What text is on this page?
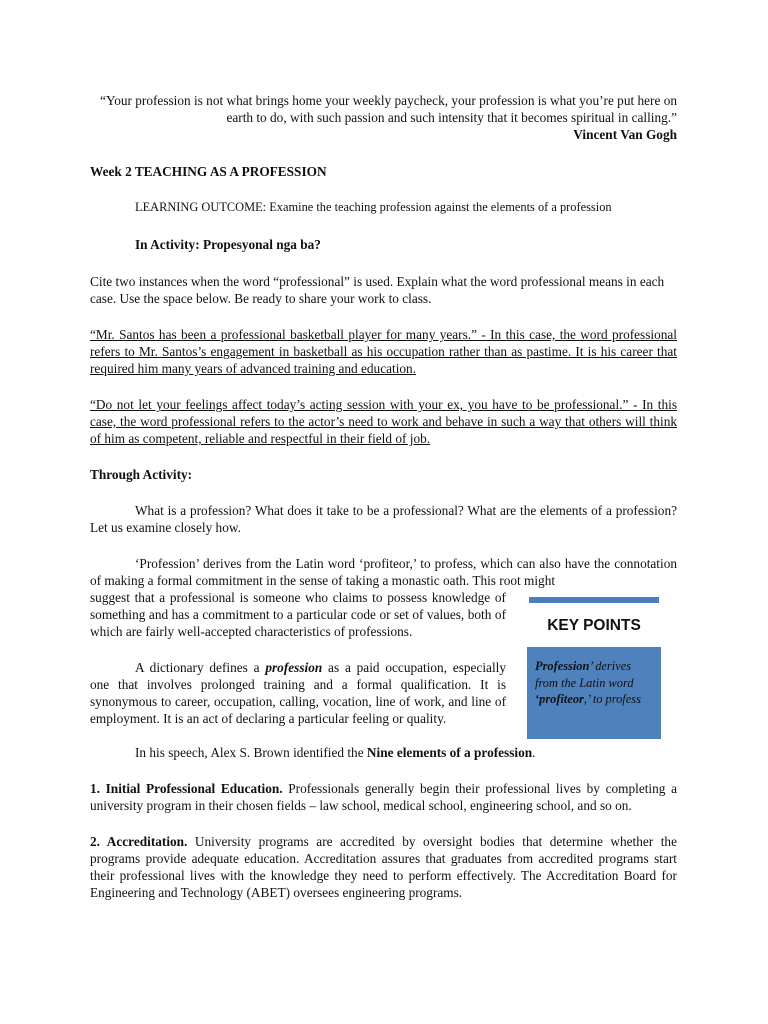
“Your profession is not what brings home your weekly paycheck, your profession is what you’re put here on earth to do, with such passion and such intensity that it becomes spiritual in calling.”

Vincent Van Gogh

Week 2 TEACHING AS A PROFESSION

LEARNING OUTCOME: Examine the teaching profession against the elements of a profession

In Activity: Propesyonal nga ba?

Cite two instances when the word “professional” is used. Explain what the word professional means in each case. Use the space below. Be ready to share your work to class.

“Mr. Santos has been a professional basketball player for many years.” - In this case, the word professional refers to Mr. Santos’s engagement in basketball as his occupation rather than as pastime. It is his career that required him many years of advanced training and education.

“Do not let your feelings affect today’s acting session with your ex, you have to be professional.” - In this case, the word professional refers to the actor’s need to work and behave in such a way that others will think of him as competent, reliable and respectful in their field of job.

Through Activity:

What is a profession? What does it take to be a professional? What are the elements of a profession? Let us examine closely how.

‘Profession’ derives from the Latin word ‘profiteor,’ to profess, which can also have the connotation of making a formal commitment in the sense of taking a monastic oath. This root might

suggest that a professional is someone who claims to possess knowledge of something and has a commitment to a particular code or set of values, both of which are fairly well-accepted characteristics of professions.

A dictionary defines a profession as a paid occupation, especially one that involves prolonged training and a formal qualification. It is synonymous to career, occupation, calling, vocation, line of work, and line of employment. It is an act of declaring a particular feeling or quality.

In his speech, Alex S. Brown identified the Nine elements of a profession.

1. Initial Professional Education. Professionals generally begin their professional lives by completing a university program in their chosen fields – law school, medical school, engineering school, and so on.

2. Accreditation. University programs are accredited by oversight bodies that determine whether the programs provide adequate education. Accreditation assures that graduates from accredited programs start their professional lives with the knowledge they need to perform effectively. The Accreditation Board for Engineering and Technology (ABET) oversees engineering programs.

KEY POINTS
Profession’ derives from the Latin word ‘profiteor,’ to profess
